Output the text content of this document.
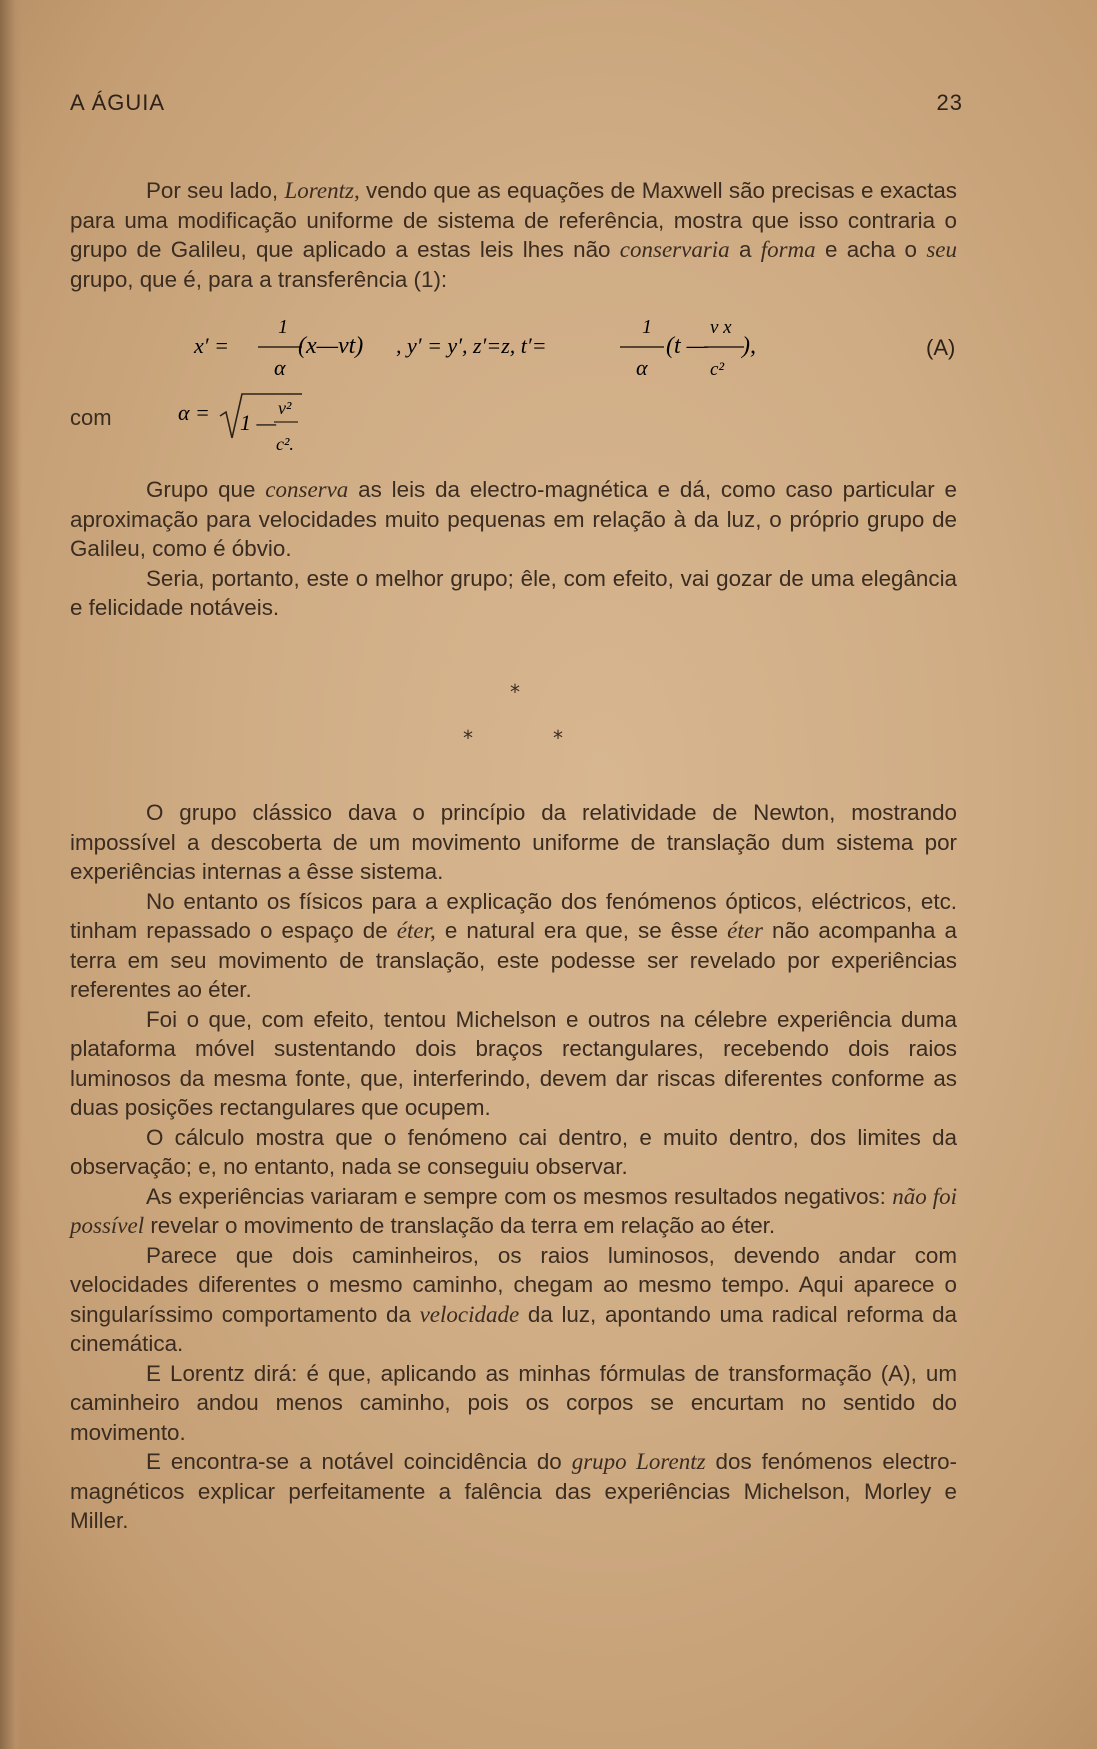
A ÁGUIA	23

Por seu lado, Lorentz, vendo que as equações de Maxwell são precisas e exactas para uma modificação uniforme de sistema de referência, mostra que isso contraria o grupo de Galileu, que aplicado a estas leis lhes não conservaria a forma e acha o seu grupo, que é, para a transferência (1):

x′ =
1
α
(x—vt) , y′ = y′, z′=z, t′=
1
α
(t —
v x
c²
),	(A)
com	α = 1 —
v²
c².

Grupo que conserva as leis da electro-magnética e dá, como caso particular e aproximação para velocidades muito pequenas em relação à da luz, o próprio grupo de Galileu, como é óbvio.

Seria, portanto, este o melhor grupo; êle, com efeito, vai gozar de uma elegância e felicidade notáveis.

*
*	*

O grupo clássico dava o princípio da relatividade de Newton, mostrando impossível a descoberta de um movimento uniforme de translação dum sistema por experiências internas a êsse sistema.

No entanto os físicos para a explicação dos fenómenos ópticos, eléctricos, etc. tinham repassado o espaço de éter, e natural era que, se êsse éter não acompanha a terra em seu movimento de translação, este podesse ser revelado por experiências referentes ao éter.

Foi o que, com efeito, tentou Michelson e outros na célebre experiência duma plataforma móvel sustentando dois braços rectangulares, recebendo dois raios luminosos da mesma fonte, que, interferindo, devem dar riscas diferentes conforme as duas posições rectangulares que ocupem.

O cálculo mostra que o fenómeno cai dentro, e muito dentro, dos limites da observação; e, no entanto, nada se conseguiu observar.

As experiências variaram e sempre com os mesmos resultados negativos: não foi possível revelar o movimento de translação da terra em relação ao éter.

Parece que dois caminheiros, os raios luminosos, devendo andar com velocidades diferentes o mesmo caminho, chegam ao mesmo tempo. Aqui aparece o singularíssimo comportamento da velocidade da luz, apontando uma radical reforma da cinemática.

E Lorentz dirá: é que, aplicando as minhas fórmulas de transformação (A), um caminheiro andou menos caminho, pois os corpos se encurtam no sentido do movimento.

E encontra-se a notável coincidência do grupo Lorentz dos fenómenos electro-magnéticos explicar perfeitamente a falência das experiências Michelson, Morley e Miller.
